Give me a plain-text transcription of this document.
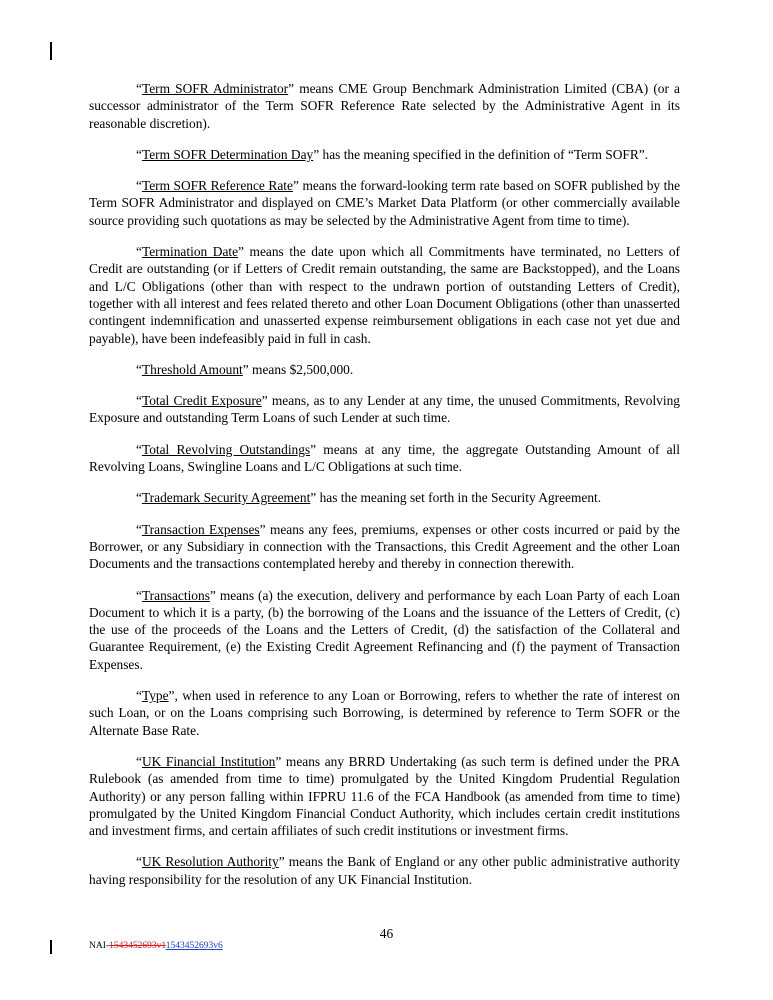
“Term SOFR Administrator” means CME Group Benchmark Administration Limited (CBA) (or a successor administrator of the Term SOFR Reference Rate selected by the Administrative Agent in its reasonable discretion).

“Term SOFR Determination Day” has the meaning specified in the definition of “Term SOFR”.

“Term SOFR Reference Rate” means the forward-looking term rate based on SOFR published by the Term SOFR Administrator and displayed on CME’s Market Data Platform (or other commercially available source providing such quotations as may be selected by the Administrative Agent from time to time).

“Termination Date” means the date upon which all Commitments have terminated, no Letters of Credit are outstanding (or if Letters of Credit remain outstanding, the same are Backstopped), and the Loans and L/C Obligations (other than with respect to the undrawn portion of outstanding Letters of Credit), together with all interest and fees related thereto and other Loan Document Obligations (other than unasserted contingent indemnification and unasserted expense reimbursement obligations in each case not yet due and payable), have been indefeasibly paid in full in cash.

“Threshold Amount” means $2,500,000.

“Total Credit Exposure” means, as to any Lender at any time, the unused Commitments, Revolving Exposure and outstanding Term Loans of such Lender at such time.

“Total Revolving Outstandings” means at any time, the aggregate Outstanding Amount of all Revolving Loans, Swingline Loans and L/C Obligations at such time.

“Trademark Security Agreement” has the meaning set forth in the Security Agreement.

“Transaction Expenses” means any fees, premiums, expenses or other costs incurred or paid by the Borrower, or any Subsidiary in connection with the Transactions, this Credit Agreement and the other Loan Documents and the transactions contemplated hereby and thereby in connection therewith.

“Transactions” means (a) the execution, delivery and performance by each Loan Party of each Loan Document to which it is a party, (b) the borrowing of the Loans and the issuance of the Letters of Credit, (c) the use of the proceeds of the Loans and the Letters of Credit, (d) the satisfaction of the Collateral and Guarantee Requirement, (e) the Existing Credit Agreement Refinancing and (f) the payment of Transaction Expenses.

“Type”, when used in reference to any Loan or Borrowing, refers to whether the rate of interest on such Loan, or on the Loans comprising such Borrowing, is determined by reference to Term SOFR or the Alternate Base Rate.

“UK Financial Institution” means any BRRD Undertaking (as such term is defined under the PRA Rulebook (as amended from time to time) promulgated by the United Kingdom Prudential Regulation Authority) or any person falling within IFPRU 11.6 of the FCA Handbook (as amended from time to time) promulgated by the United Kingdom Financial Conduct Authority, which includes certain credit institutions and investment firms, and certain affiliates of such credit institutions or investment firms.

“UK Resolution Authority” means the Bank of England or any other public administrative authority having responsibility for the resolution of any UK Financial Institution.

46
NAI-1543452693v11543452693v6
